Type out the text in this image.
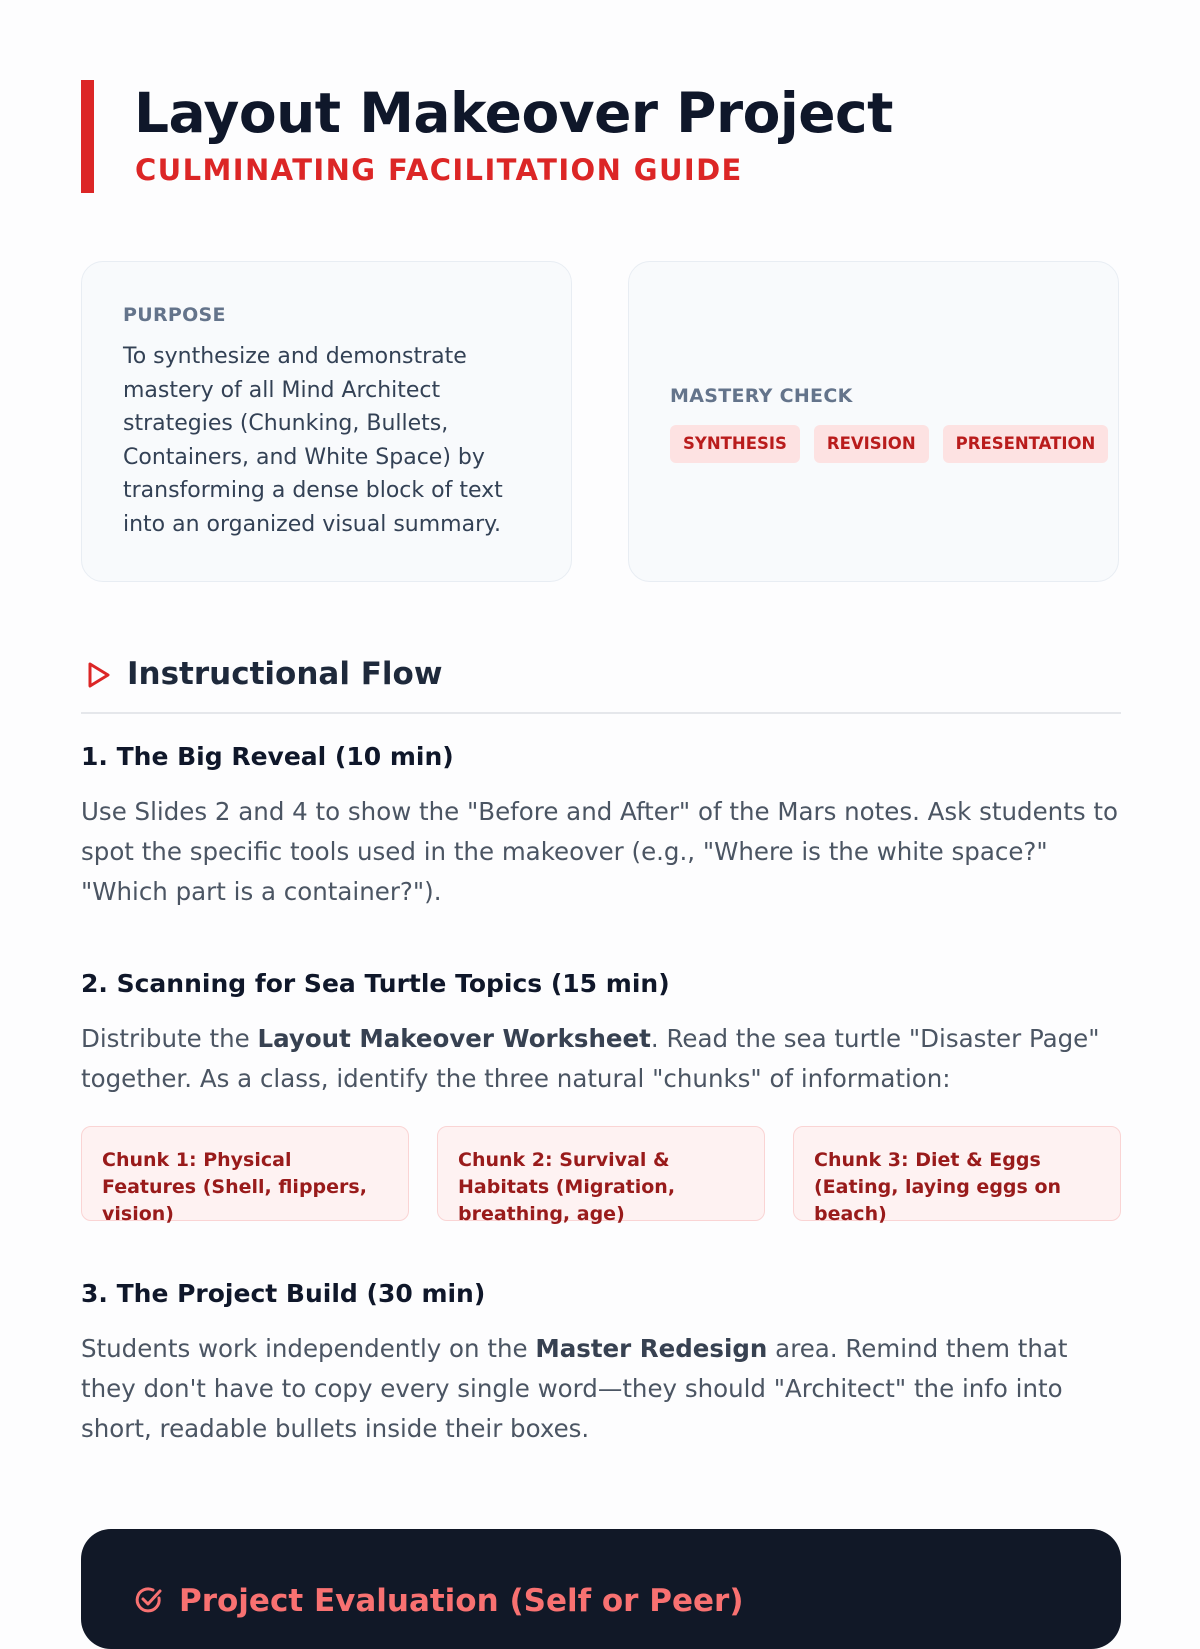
Layout Makeover Project
CULMINATING FACILITATION GUIDE
PURPOSE
To synthesize and demonstrate mastery of all Mind Architect strategies (Chunking, Bullets, Containers, and White Space) by transforming a dense block of text into an organized visual summary.
MASTERY CHECK
SYNTHESIS	REVISION	PRESENTATION
Instructional Flow
1. The Big Reveal (10 min)

Use Slides 2 and 4 to show the "Before and After" of the Mars notes. Ask students to spot the specific tools used in the makeover (e.g., "Where is the white space?" "Which part is a container?").

2. Scanning for Sea Turtle Topics (15 min)

Distribute the Layout Makeover Worksheet. Read the sea turtle "Disaster Page" together. As a class, identify the three natural "chunks" of information:

Chunk 1: Physical Features (Shell, flippers, vision)
Chunk 2: Survival & Habitats (Migration, breathing, age)
Chunk 3: Diet & Eggs (Eating, laying eggs on beach)
3. The Project Build (30 min)

Students work independently on the Master Redesign area. Remind them that they don't have to copy every single word—they should "Architect" the info into short, readable bullets inside their boxes.

Project Evaluation (Self or Peer)
